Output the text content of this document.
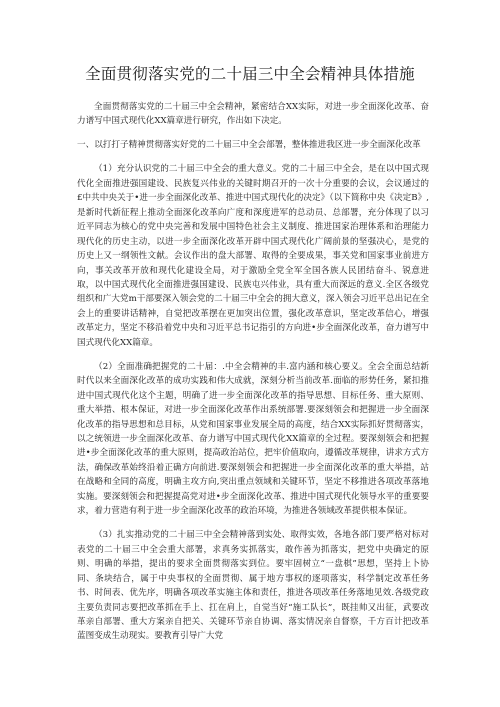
全面贯彻落实党的二十届三中全会精神具体措施

全面贯彻落实党的二十届三中全会精神，紧密结合XX实际，对进一步全面深化改革、奋力谱写中国式现代化XX篇章进行研究，作出如下决定。

一、以打打子精神贯彻落实好党的二十届三中全会部署，整体推进我区进一步全面深化改革

（1）充分认识党的二十届三中全会的重大意义。党的二十届三中全会，是在以中国式现代化全面推进强国建设、民族复兴伟业的关键时期召开的一次十分重要的会议，会议通过的£中共中央关于•进一步全面深化改革、推进中国式现代化的决定》（以下简称中央《决定B》,是新时代新征程上推动全面深化改革向广度和深度进军的总动员、总部署，充分体现了以习近平同志为核心的党中央完善和发展中国特色社会主义制度、推进国家治理体系和治理能力现代化的历史主动，以进一步全面深化改革开辟中国式现代化广阔前景的坚强决心，是党的历史上又一纲领性文献。会议作出的盘大部署、取得的全要成果，事关党和国家事业前进方向，事关改革开放和现代化建设全局，对于激励全党全军全国各族人民团结奋斗、锐意进取，以中国式现代化全面推进强国建设、民族屯兴伟业，具有重大而深远的意义.全区各级党组织和广大党m干部要深入领会党的二十届三中全会的拥大意义，深入领会习近平总出记在全会上的重要讲话精神，自觉把改革摆在更加突出位置，强化改革意识，坚定改革信心，增强改革定力，坚定不移沿着党中央和习近平总书记指引的方向进•步全面深化改革，奋力谱写中国式现代化XX篇章。

（2）全面准确把握党的二十届：.中全会精神的丰.富内涵和核心要义。全会全面总结新时代以来全面深化改革的成功实践和伟大成就，深刻分析当前改革.面临的形势任务，紧扣推进中国式现代化这个主题，明确了进一步全面深化改革的指导思想、目标任务、重大原则、重大举措、根本保证，对进一步全面深化改革作出系统部署.要深刻领会和把握进一步全面深化改革的指导思想和总目标，从党和国家事业发展全局的高度，结合XX实际抓好贯彻落实，以之统领进一步全面深化改革、奋力谱写中国式现代化XX篇章的全过程。要深刻领会和把握进•步全面深化改革的重大原则，提高政治站位，把牢价值取向，遵循改革规律，讲求方式方法，确保改革始终沿着正确方向前进.要深刻领会和把握进一步全面深化改革的重大举措，站在战略和全同的高度，明确主攻方向,突出重点领域和关键环节，坚定不移推进各项改革落地实施。要深刻领会和把握提高党对进•步全面深化改革、推进中国式现代化领导水平的重要要求，着力营造有利于进一步全面深化改革的政治环境，为推进各领域改革提供根本保证。

（3）扎实推动党的二十届三中全会精神落到实处、取得实效，各地各部门要严格对标对表党的二十届三中全会重大部署，求真务实抓落实，敢作善为抓落实，把党中央确定的原则、明确的举措，提出的要求全面贯彻落实到位。要牢固树立“一盘棋”思想，坚持上卜协同、条块结合，属于中央事权的全面贯彻、属于地方事权的逐项落实，科学制定改革任务书、时间表、优先序，明确各项改革实施主体和责任，推进各项改革任务落地见效.各级党政主要负责同志要把改革抓在手上、扛在肩上，自觉当好“施工队长”，既挂帅又出征，武要改革亲自部署、重大方案亲自把关、关键环节亲自协调、落实情况亲自督察，千方百计把改革蓝图变成生动现实。要教育引导广大党
